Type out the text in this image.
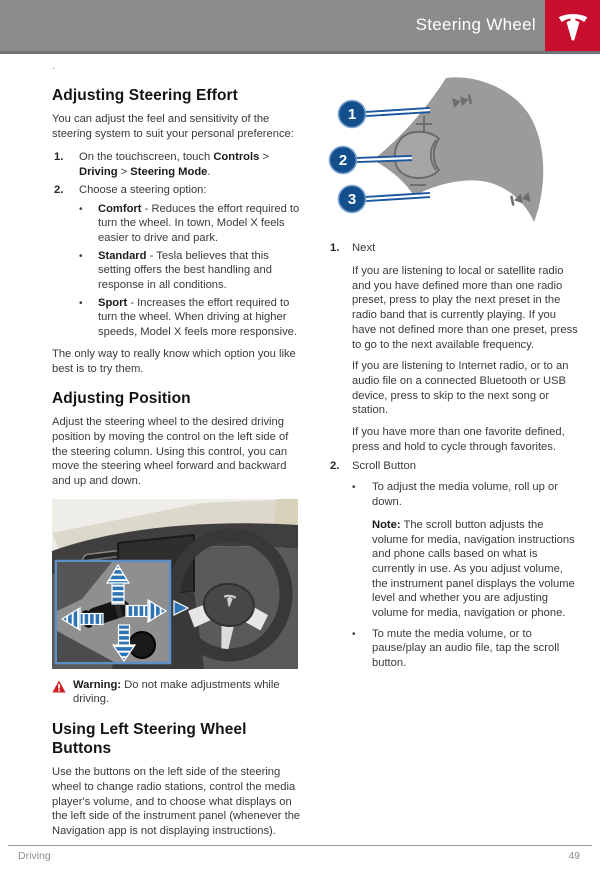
Steering Wheel
.
Adjusting Steering Effort

You can adjust the feel and sensitivity of the steering system to suit your personal preference:

1.	On the touchscreen, touch Controls > Driving > Steering Mode.
2.	Choose a steering option:
•
Comfort - Reduces the effort required to turn the wheel. In town, Model X feels easier to drive and park.
•
Standard - Tesla believes that this setting offers the best handling and response in all conditions.
•
Sport - Increases the effort required to turn the wheel. When driving at higher speeds, Model X feels more responsive.

The only way to really know which option you like best is to try them.

Adjusting Position

Adjust the steering wheel to the desired driving position by moving the control on the left side of the steering column. Using this control, you can move the steering wheel forward and backward and up and down.

Warning: Do not make adjustments while driving.
Using Left Steering Wheel Buttons

Use the buttons on the left side of the steering wheel to change radio stations, control the media player's volume, and to choose what displays on the left side of the instrument panel (whenever the Navigation app is not displaying instructions).

1
2
3
1.	Next

If you are listening to local or satellite radio and you have defined more than one radio preset, press to play the next preset in the radio band that is currently playing. If you have not defined more than one preset, press to go to the next available frequency.

If you are listening to Internet radio, or to an audio file on a connected Bluetooth or USB device, press to skip to the next song or station.

If you have more than one favorite defined, press and hold to cycle through favorites.

2.	Scroll Button
•
To adjust the media volume, roll up or down.

Note: The scroll button adjusts the volume for media, navigation instructions and phone calls based on what is currently in use. As you adjust volume, the instrument panel displays the volume level and whether you are adjusting volume for media, navigation or phone.

•
To mute the media volume, or to pause/play an audio file, tap the scroll button.
Driving	49
